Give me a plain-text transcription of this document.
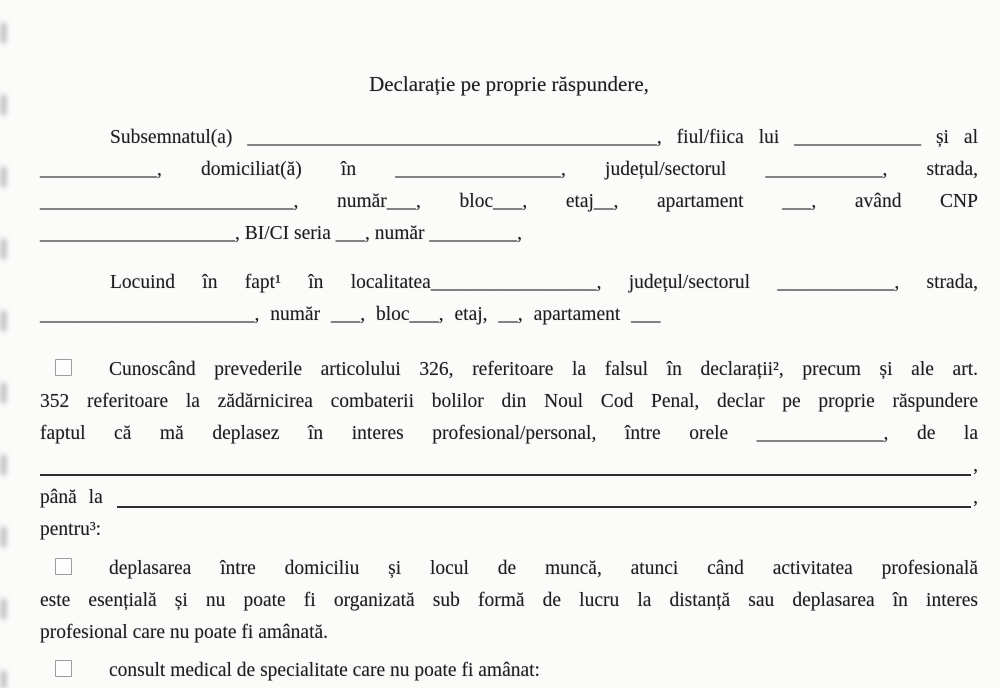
Declarație pe proprie răspundere,
Subsemnatul(a) __________________________________________, fiul/fiica lui _____________ și al
____________, domiciliat(ă) în _________________, județul/sectorul ____________, strada,
__________________________, număr___, bloc___, etaj__, apartament ___, având CNP
____________________, BI/CI seria ___, număr _________,
Locuind în fapt¹ în localitatea_________________, județul/sectorul ____________, strada,
______________________, număr ___, bloc___, etaj, __, apartament ___
Cunoscând prevederile articolului 326, referitoare la falsul în declarații², precum și ale art.
352 referitoare la zădărnicirea combaterii bolilor din Noul Cod Penal, declar pe proprie răspundere
faptul că mă deplasez în interes profesional/personal, între orele _____________, de la
,
până la	,
pentru³:
deplasarea între domiciliu și locul de muncă, atunci când activitatea profesională
este esențială și nu poate fi organizată sub formă de lucru la distanță sau deplasarea în interes
profesional care nu poate fi amânată.
consult medical de specialitate care nu poate fi amânat:
